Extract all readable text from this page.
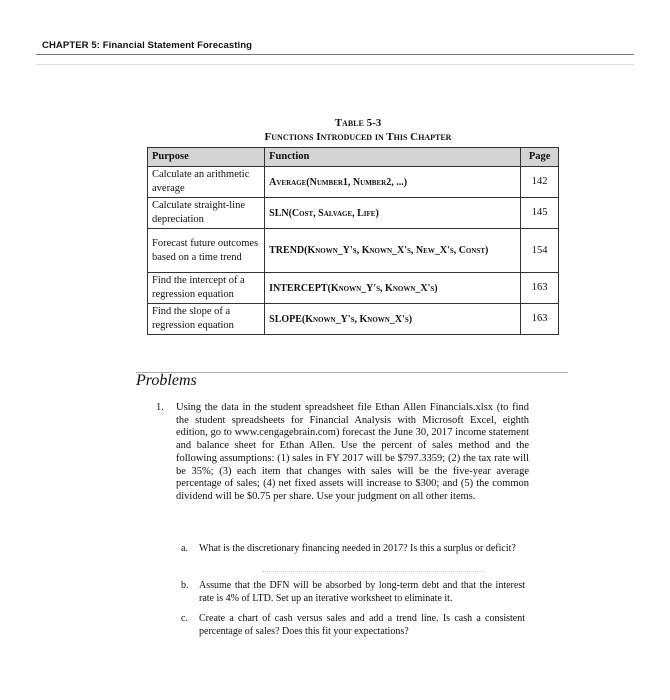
CHAPTER 5: Financial Statement Forecasting
Table 5-3
Functions Introduced in This Chapter
Purpose	Function	Page
Calculate an arithmetic average	Average(Number1, Number2, ...)	142
Calculate straight-line depreciation	SLN(Cost, Salvage, Life)	145
Forecast future outcomes based on a time trend	TREND(Known_Y's, Known_X's, New_X's, Const)	154
Find the intercept of a regression equation	INTERCEPT(Known_Y's, Known_X's)	163
Find the slope of a regression equation	SLOPE(Known_Y's, Known_X's)	163
Problems
1. Using the data in the student spreadsheet file Ethan Allen Financials.xlsx (to find the student spreadsheets for Financial Analysis with Microsoft Excel, eighth edition, go to www.cengagebrain.com) forecast the June 30, 2017 income statement and balance sheet for Ethan Allen. Use the percent of sales method and the following assumptions: (1) sales in FY 2017 will be $797.3359; (2) the tax rate will be 35%; (3) each item that changes with sales will be the five-year average percentage of sales; (4) net fixed assets will increase to $300; and (5) the common dividend will be $0.75 per share. Use your judgment on all other items.
a. What is the discretionary financing needed in 2017? Is this a surplus or deficit?
b. Assume that the DFN will be absorbed by long-term debt and that the interest rate is 4% of LTD. Set up an iterative worksheet to eliminate it.
c. Create a chart of cash versus sales and add a trend line. Is cash a consistent percentage of sales? Does this fit your expectations?
